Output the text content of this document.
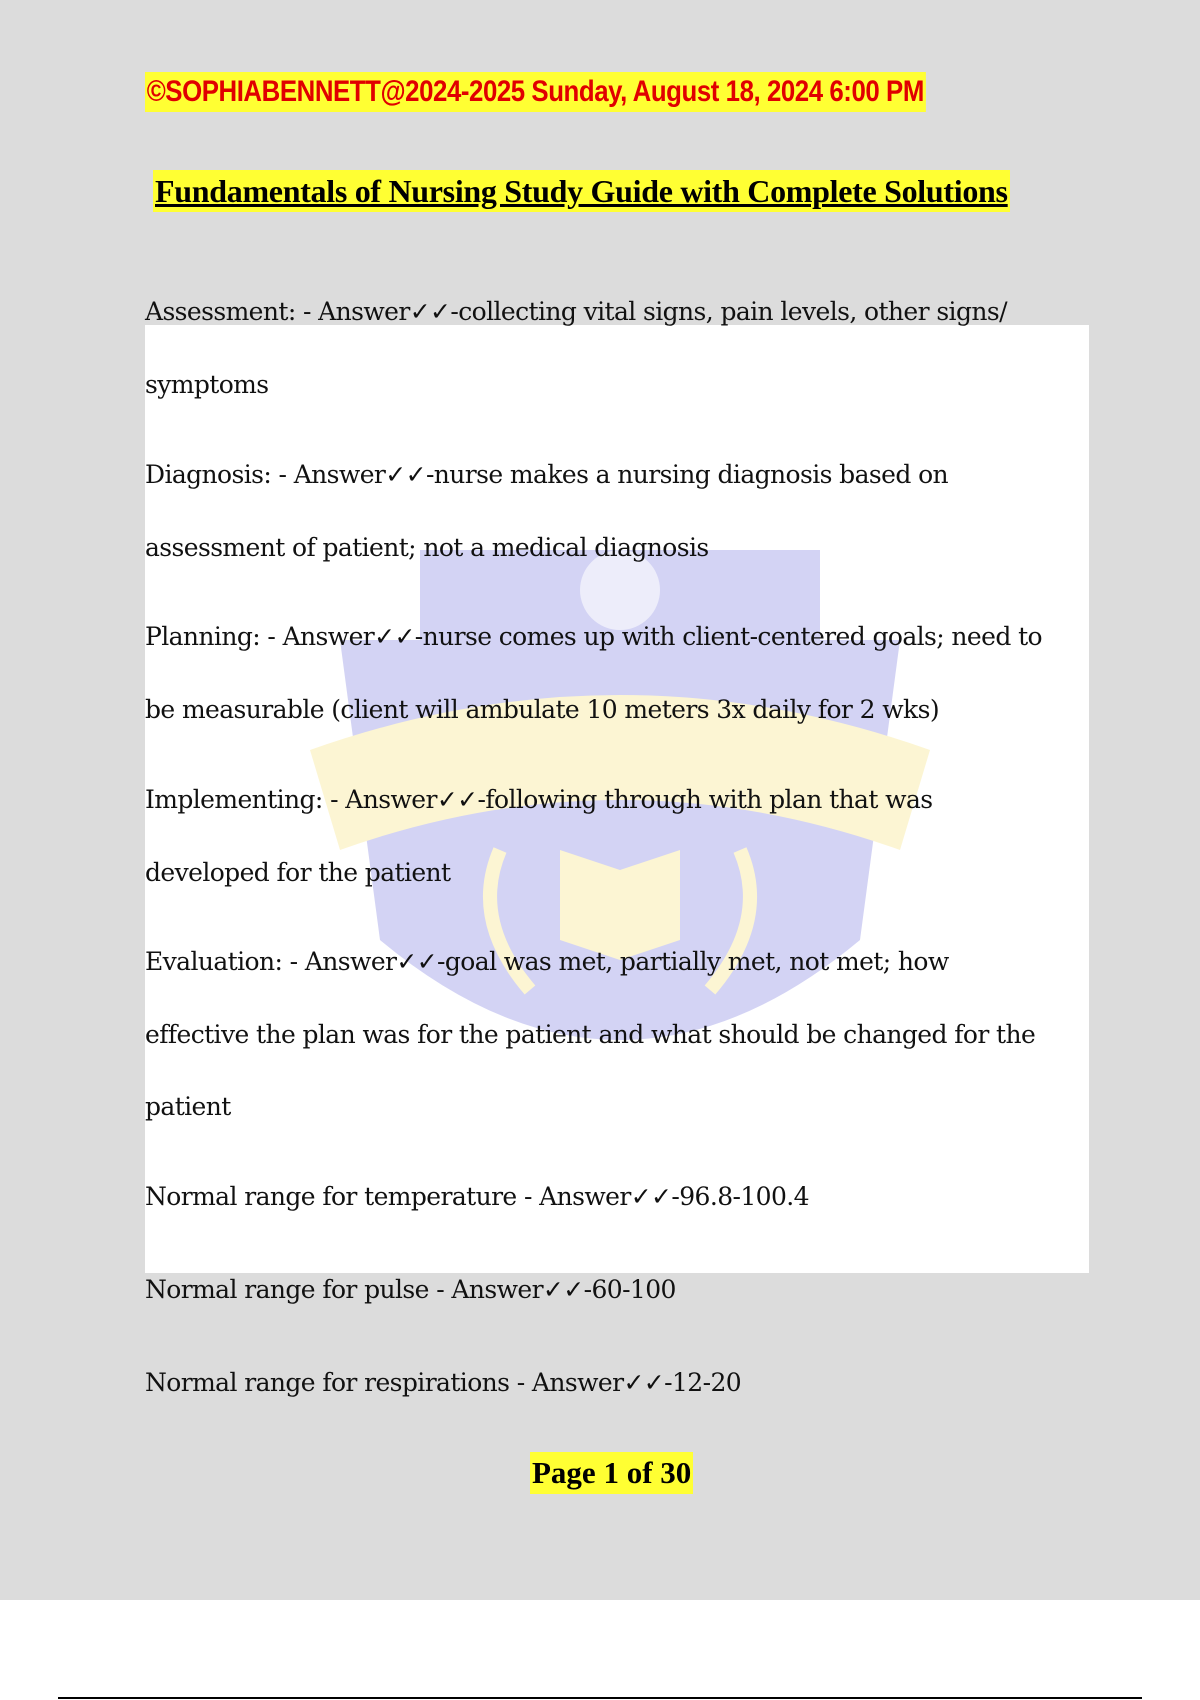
©SOPHIABENNETT@2024-2025 Sunday, August 18, 2024 6:00 PM
Fundamentals of Nursing Study Guide with Complete Solutions
Assessment: - Answer✓✓-collecting vital signs, pain levels, other signs/
symptoms
Diagnosis: - Answer✓✓-nurse makes a nursing diagnosis based on
assessment of patient; not a medical diagnosis
Planning: - Answer✓✓-nurse comes up with client-centered goals; need to
be measurable (client will ambulate 10 meters 3x daily for 2 wks)
Implementing: - Answer✓✓-following through with plan that was
developed for the patient
Evaluation: - Answer✓✓-goal was met, partially met, not met; how
effective the plan was for the patient and what should be changed for the
patient
Normal range for temperature - Answer✓✓-96.8-100.4
Normal range for pulse - Answer✓✓-60-100
Normal range for respirations - Answer✓✓-12-20
Page 1 of 30
